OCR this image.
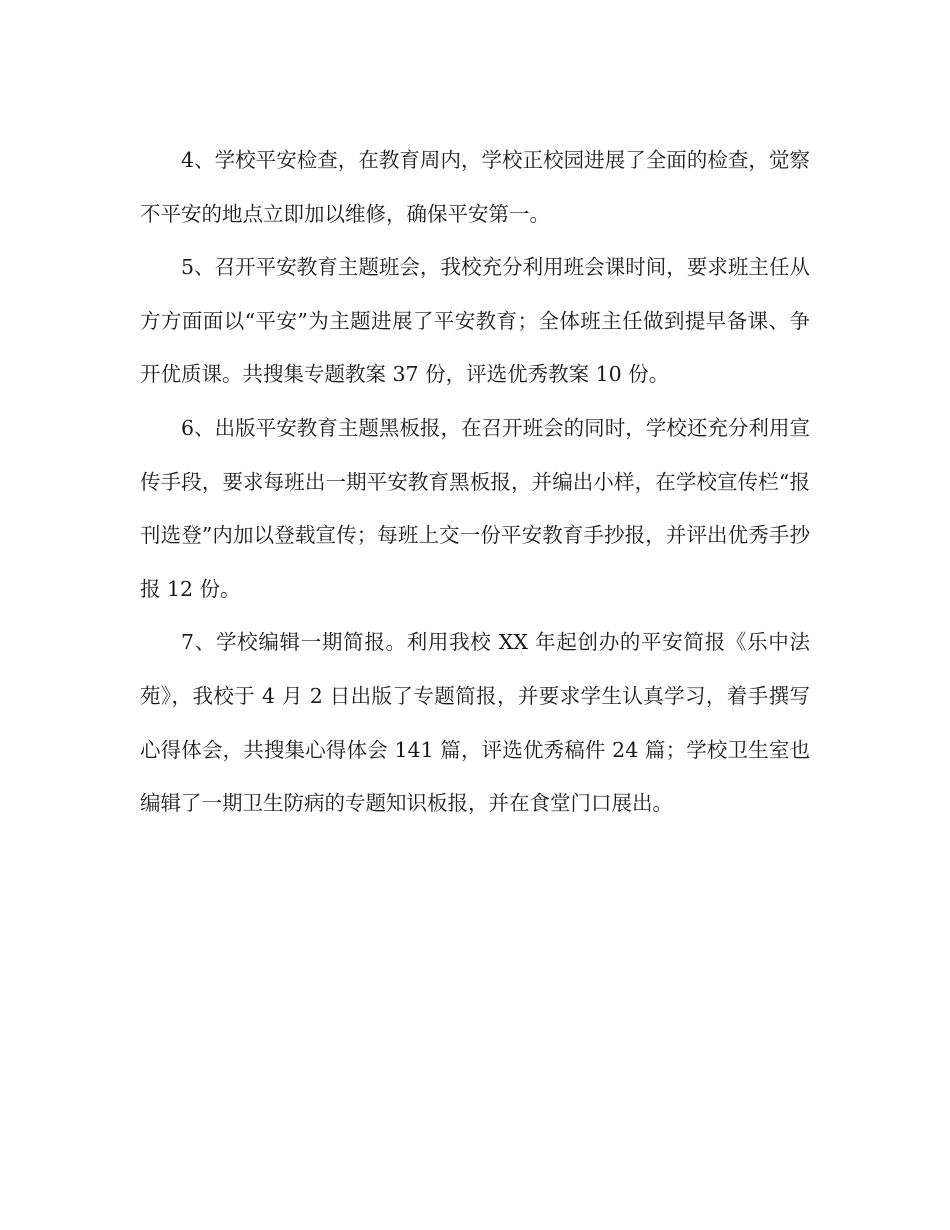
4、学校平安检查，在教育周内，学校正校园进展了全面的检查，觉察不平安的地点立即加以维修，确保平安第一。

5、召开平安教育主题班会，我校充分利用班会课时间，要求班主任从方方面面以“平安”为主题进展了平安教育；全体班主任做到提早备课、争开优质课。共搜集专题教案 37 份，评选优秀教案 10 份。

6、出版平安教育主题黑板报，在召开班会的同时，学校还充分利用宣传手段，要求每班出一期平安教育黑板报，并编出小样，在学校宣传栏“报刊选登”内加以登载宣传；每班上交一份平安教育手抄报，并评出优秀手抄报 12 份。

7、学校编辑一期简报。利用我校 XX 年起创办的平安简报《乐中法苑》，我校于 4 月 2 日出版了专题简报，并要求学生认真学习，着手撰写心得体会，共搜集心得体会 141 篇，评选优秀稿件 24 篇；学校卫生室也编辑了一期卫生防病的专题知识板报，并在食堂门口展出。
